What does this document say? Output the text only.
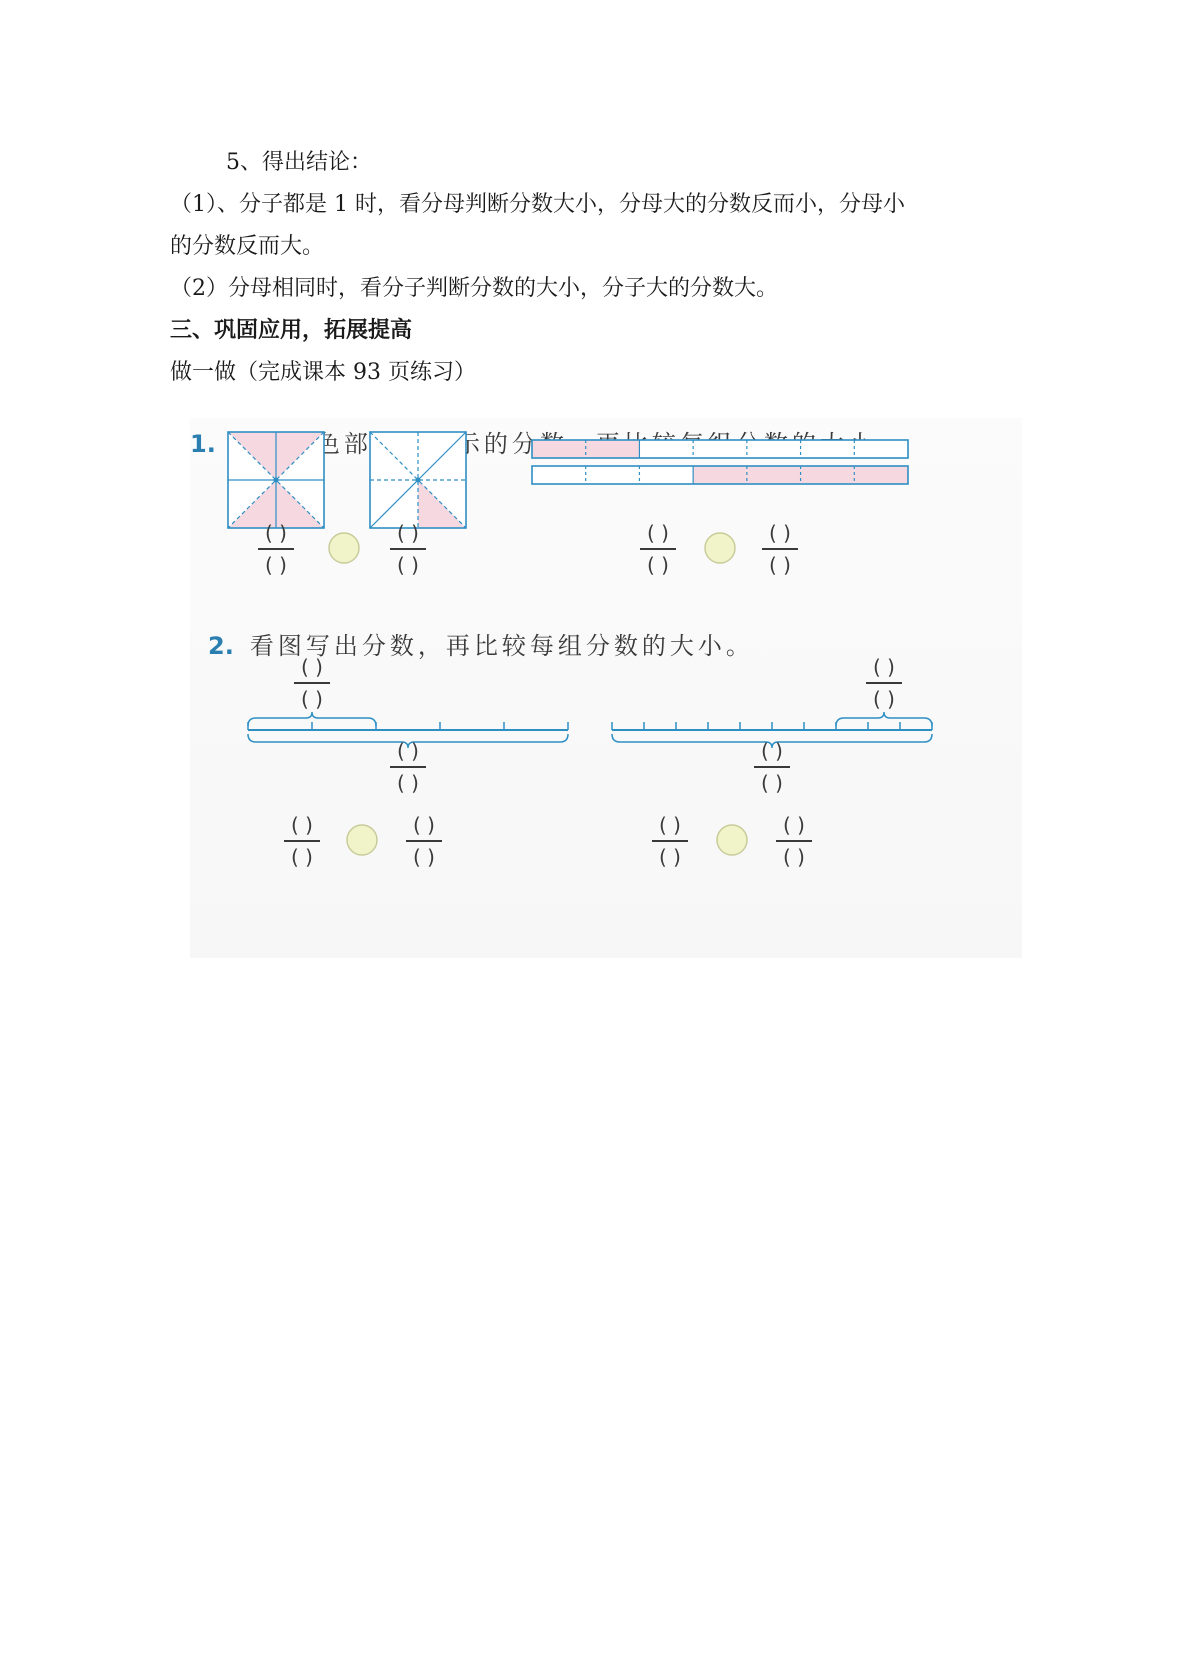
5、得出结论：
（1）、分子都是 1 时，看分母判断分数大小，分母大的分数反而小，分母小
的分数反而大。
（2）分母相同时，看分子判断分数的大小，分子大的分数大。
三、巩固应用，拓展提高
做一做（完成课本 93 页练习）
1.
2. 看图写出分数，再比较每组分数的大小。
( )
( )
( )
( )
( )
( )
( )
( )
( )
( )
( )
( )
( )
( )
( )
( )
( )
( )
( )
( )
( )
( )
( )
( )
